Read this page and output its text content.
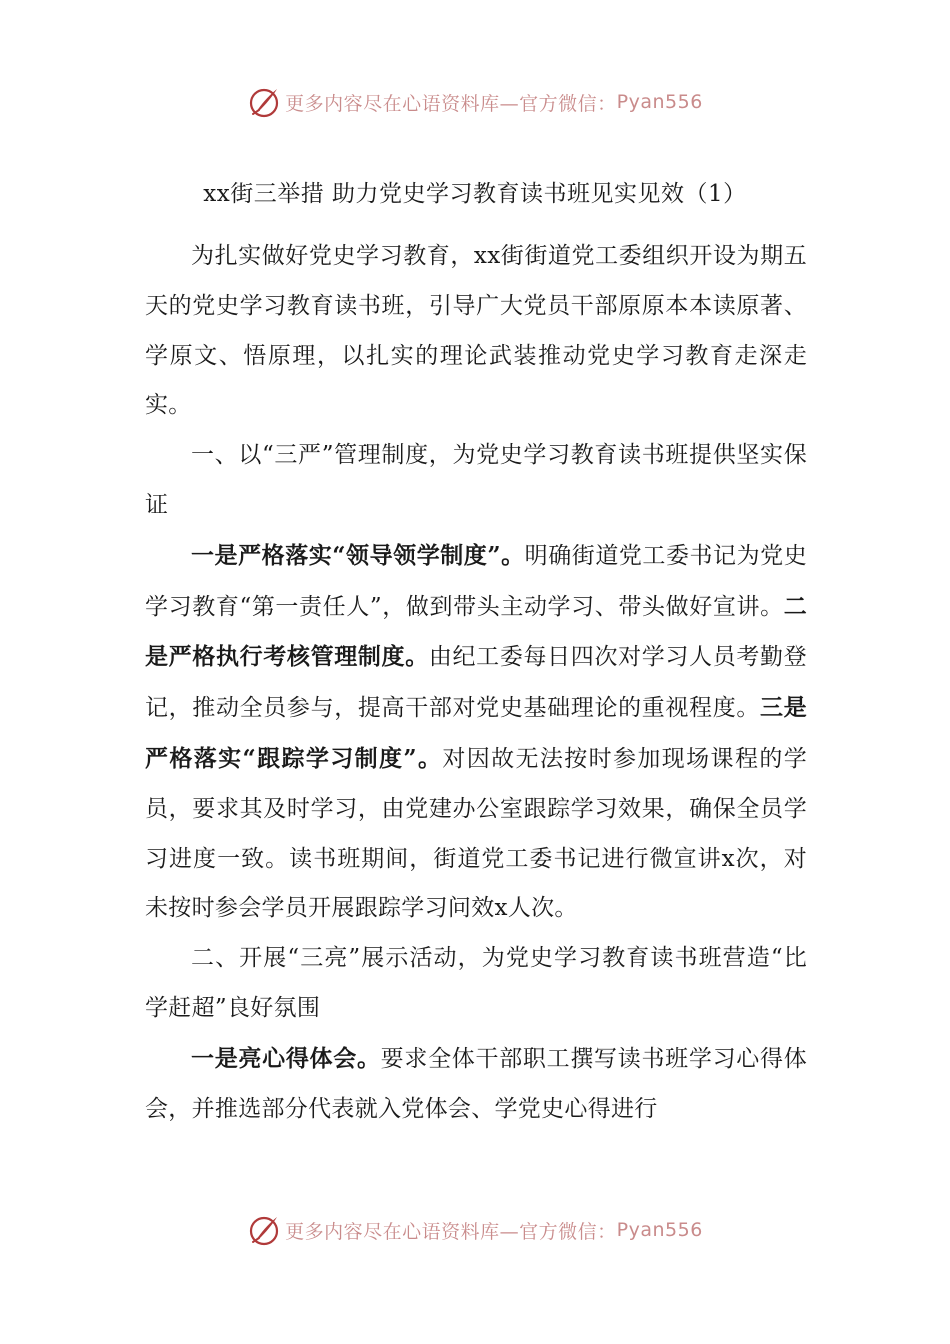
更多内容尽在心语资料库—官方微信： Pyan556
xx街三举措 助力党史学习教育读书班见实见效（1）

为扎实做好党史学习教育，xx街街道党工委组织开设为期五天的党史学习教育读书班，引导广大党员干部原原本本读原著、学原文、悟原理，以扎实的理论武装推动党史学习教育走深走实。

一、以“三严”管理制度，为党史学习教育读书班提供坚实保证

一是严格落实“领导领学制度”。明确街道党工委书记为党史学习教育“第一责任人”，做到带头主动学习、带头做好宣讲。二是严格执行考核管理制度。由纪工委每日四次对学习人员考勤登记，推动全员参与，提高干部对党史基础理论的重视程度。三是严格落实“跟踪学习制度”。对因故无法按时参加现场课程的学员，要求其及时学习，由党建办公室跟踪学习效果，确保全员学习进度一致。读书班期间，街道党工委书记进行微宣讲x次，对未按时参会学员开展跟踪学习问效x人次。

二、开展“三亮”展示活动，为党史学习教育读书班营造“比学赶超”良好氛围

一是亮心得体会。要求全体干部职工撰写读书班学习心得体会，并推选部分代表就入党体会、学党史心得进行

更多内容尽在心语资料库—官方微信： Pyan556
